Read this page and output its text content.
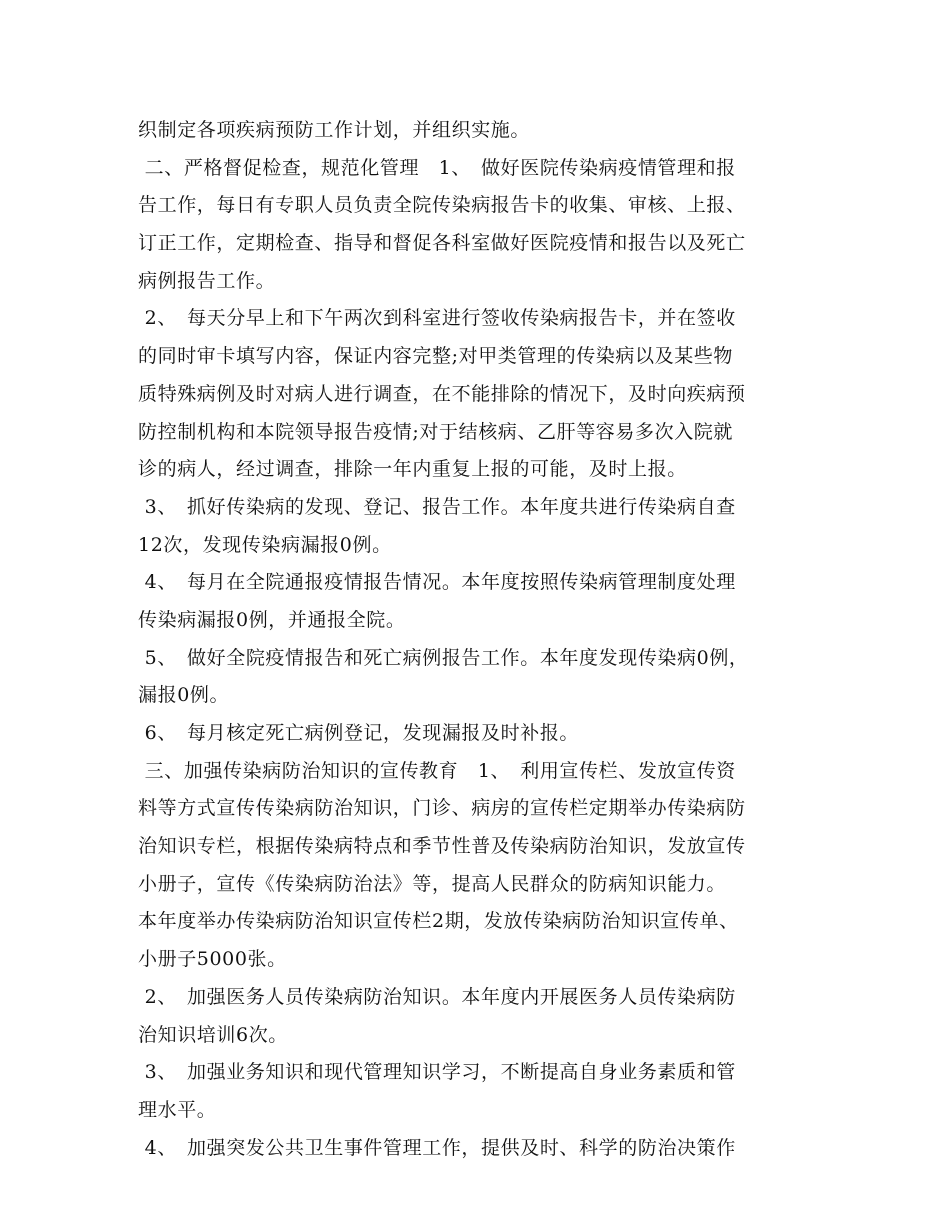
织制定各项疾病预防工作计划，并组织实施。
二、严格督促检查，规范化管理　1、　做好医院传染病疫情管理和报
告工作，每日有专职人员负责全院传染病报告卡的收集、审核、上报、
订正工作，定期检查、指导和督促各科室做好医院疫情和报告以及死亡
病例报告工作。
2、　每天分早上和下午两次到科室进行签收传染病报告卡，并在签收
的同时审卡填写内容，保证内容完整;对甲类管理的传染病以及某些物
质特殊病例及时对病人进行调查，在不能排除的情况下，及时向疾病预
防控制机构和本院领导报告疫情;对于结核病、乙肝等容易多次入院就
诊的病人，经过调查，排除一年内重复上报的可能，及时上报。
3、　抓好传染病的发现、登记、报告工作。本年度共进行传染病自查
12次，发现传染病漏报0例。
4、　每月在全院通报疫情报告情况。本年度按照传染病管理制度处理
传染病漏报0例，并通报全院。
5、　做好全院疫情报告和死亡病例报告工作。本年度发现传染病0例，
漏报0例。
6、　每月核定死亡病例登记，发现漏报及时补报。
三、加强传染病防治知识的宣传教育　1、　利用宣传栏、发放宣传资
料等方式宣传传染病防治知识，门诊、病房的宣传栏定期举办传染病防
治知识专栏，根据传染病特点和季节性普及传染病防治知识，发放宣传
小册子，宣传《传染病防治法》等，提高人民群众的防病知识能力。
本年度举办传染病防治知识宣传栏2期，发放传染病防治知识宣传单、
小册子5000张。
2、　加强医务人员传染病防治知识。本年度内开展医务人员传染病防
治知识培训6次。
3、　加强业务知识和现代管理知识学习，不断提高自身业务素质和管
理水平。
4、　加强突发公共卫生事件管理工作，提供及时、科学的防治决策作
